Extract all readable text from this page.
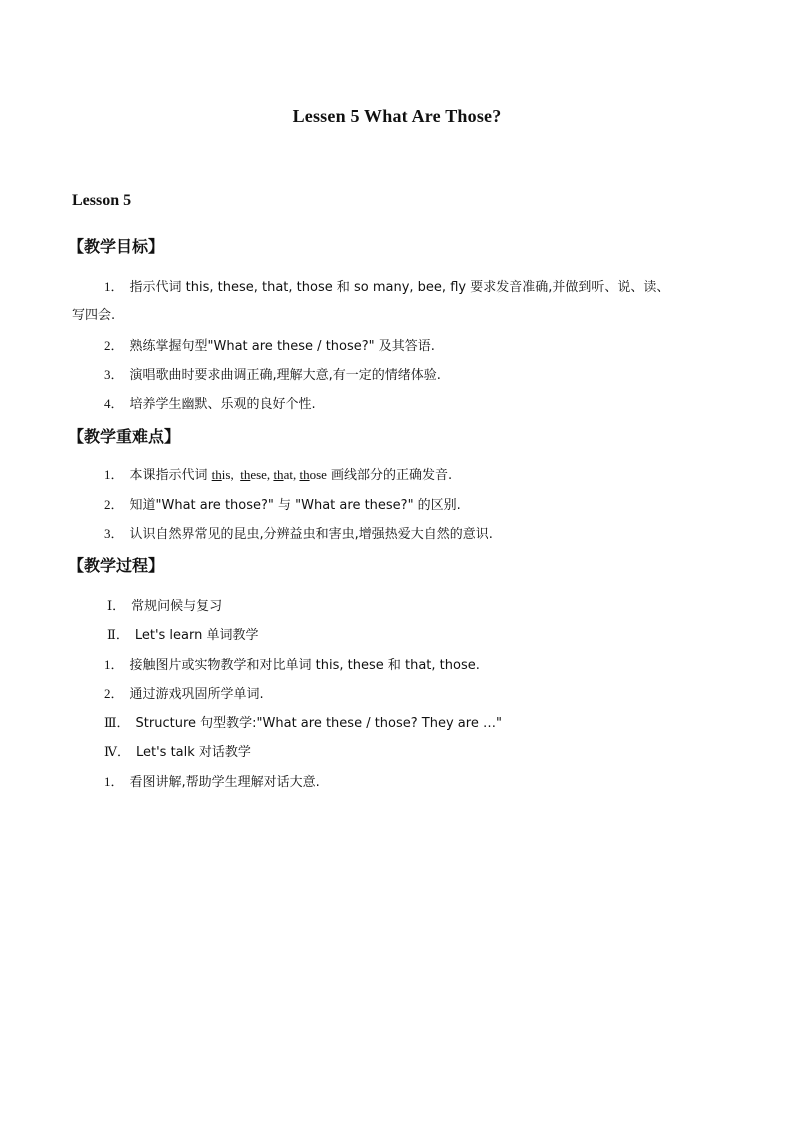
Lessen 5 What Are Those?
Lesson 5
【教学目标】
1． 指示代词 this, these, that, those 和 so many, bee, fly 要求发音准确,并做到听、说、读、
写四会.
2． 熟练掌握句型"What are these / those?" 及其答语.
3． 演唱歌曲时要求曲调正确,理解大意,有一定的情绪体验.
4． 培养学生幽默、乐观的良好个性.
【教学重难点】
1． 本课指示代词 this,  these, that, those 画线部分的正确发音.
2． 知道"What are those?" 与 "What are these?" 的区别.
3． 认识自然界常见的昆虫,分辨益虫和害虫,增强热爱大自然的意识.
【教学过程】
Ⅰ． 常规问候与复习
Ⅱ． Let's learn 单词教学
1． 接触图片或实物教学和对比单词 this, these 和 that, those.
2． 通过游戏巩固所学单词.
Ⅲ． Structure 句型教学:"What are these / those? They are …"
Ⅳ． Let's talk 对话教学
1． 看图讲解,帮助学生理解对话大意.
